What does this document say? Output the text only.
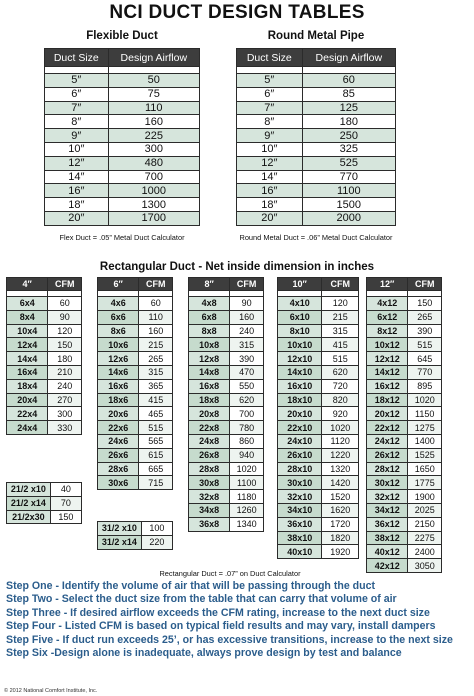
NCI DUCT DESIGN TABLES
Flexible Duct
Duct Size	Design Airflow

5″	50
6″	75
7″	110
8″	160
9″	225
10″	300
12″	480
14″	700
16″	1000
18″	1300
20″	1700
Flex Duct = .05” Metal Duct Calculator
Round Metal Pipe
Duct Size	Design Airflow

5″	60
6″	85
7″	125
8″	180
9″	250
10″	325
12″	525
14″	770
16″	1100
18″	1500
20″	2000
Round Metal Duct = .06” Metal Duct Calculator
Rectangular Duct - Net inside dimension in inches
4″	CFM

6x4	60
8x4	90
10x4	120
12x4	150
14x4	180
16x4	210
18x4	240
20x4	270
22x4	300
24x4	330
21/2 x10	40
21/2 x14	70
21/2x30	150
6″	CFM

4x6	60
6x6	110
8x6	160
10x6	215
12x6	265
14x6	315
16x6	365
18x6	415
20x6	465
22x6	515
24x6	565
26x6	615
28x6	665
30x6	715
31/2 x10	100
31/2 x14	220
8″	CFM

4x8	90
6x8	160
8x8	240
10x8	315
12x8	390
14x8	470
16x8	550
18x8	620
20x8	700
22x8	780
24x8	860
26x8	940
28x8	1020
30x8	1100
32x8	1180
34x8	1260
36x8	1340
10″	CFM

4x10	120
6x10	215
8x10	315
10x10	415
12x10	515
14x10	620
16x10	720
18x10	820
20x10	920
22x10	1020
24x10	1120
26x10	1220
28x10	1320
30x10	1420
32x10	1520
34x10	1620
36x10	1720
38x10	1820
40x10	1920
12″	CFM

4x12	150
6x12	265
8x12	390
10x12	515
12x12	645
14x12	770
16x12	895
18x12	1020
20x12	1150
22x12	1275
24x12	1400
26x12	1525
28x12	1650
30x12	1775
32x12	1900
34x12	2025
36x12	2150
38x12	2275
40x12	2400
42x12	3050
Rectangular Duct = .07” on Duct Calculator
Step One - Identify the volume of air that will be passing through the duct
Step Two - Select the duct size from the table that can carry that volume of air
Step Three - If desired airflow exceeds the CFM rating, increase to the next duct size
Step Four - Listed CFM is based on typical field results and may vary, install dampers
Step Five - If duct run exceeds 25’, or has excessive transitions, increase to the next size
Step Six -Design alone is inadequate, always prove design by test and balance
© 2012 National Comfort Institute, Inc.
